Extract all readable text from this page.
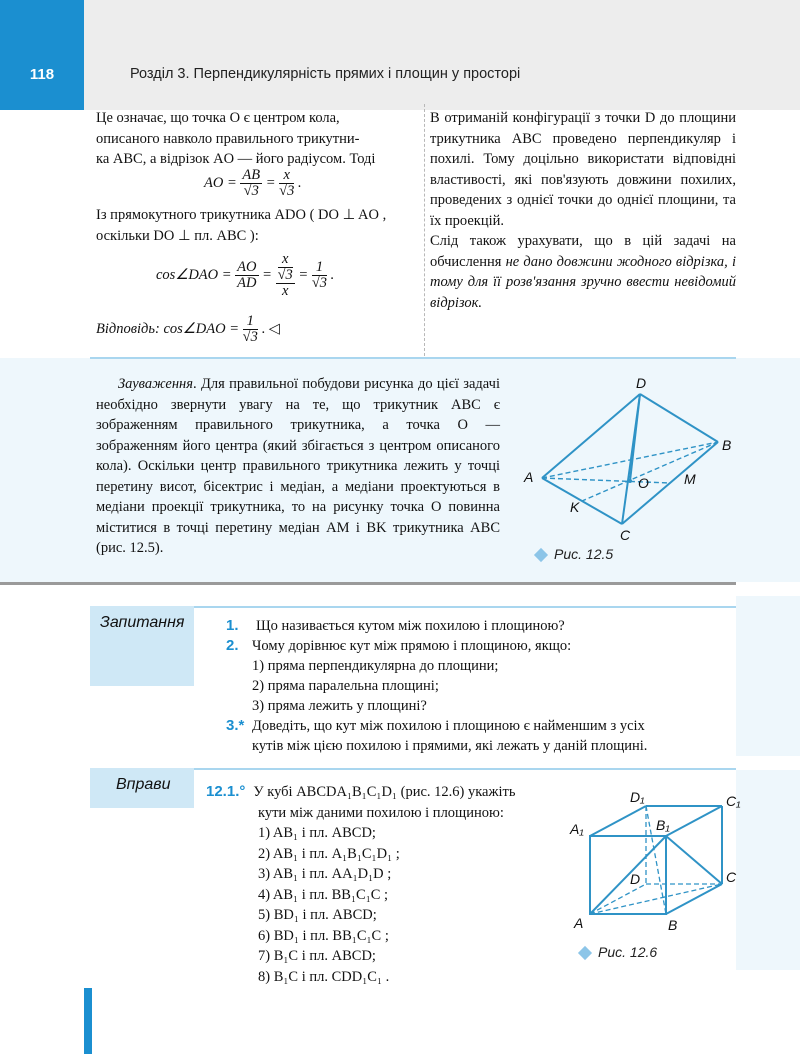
118	Розділ 3. Перпендикулярність прямих і площин у просторі

Це означає, що точка O є центром кола,

описаного навколо правильного трикутни-

ка ABC, а відрізок AO — його радіусом. Тоді

AO = $\frac{AB}{√3} = \frac{x}{√3}$ .

Із прямокутного трикутника ADO ( DO ⊥ AO ,

оскільки DO ⊥ пл. ABC ):

cos∠DAO = $\frac{AO}{AD} = \frac{\frac{x}{√3}}{x} = \frac{1}{√3}$ .
Відповідь: cos∠DAO = $\frac{1}{√3}$ . ◁

В отриманій конфігурації з точки D до площини трикутника ABC проведено перпендикуляр і похилі. Тому доцільно використати відповідні властивості, які пов'язують довжини похилих, проведених з однієї точки до однієї площини, та їх проекцій.

Слід також урахувати, що в цій задачі на обчислення не дано довжини жодного відрізка, і тому для її розв'язання зручно ввести невідомий відрізок.

Зауваження. Для правильної побудови рисунка до цієї задачі необхідно звернути увагу на те, що трикутник ABC є зображенням правильного трикутника, а точка O — зображенням його центра (який збігається з центром описаного кола). Оскільки центр правильного трикутника лежить у точці перетину висот, бісектрис і медіан, а медіани проектуються в медіани проекції трикутника, то на рисунку точка O повинна міститися в точці перетину медіан AM і BK трикутника ABC (рис. 12.5).

D
A
B
C
O	M
K
Рис. 12.5
Запитання	1.	Що називається кутом між похилою і площиною?
2. Чому дорівнює кут між прямою і площиною, якщо:
1) пряма перпендикулярна до площини;
2) пряма паралельна площині;
3) пряма лежить у площині?
3.* Доведіть, що кут між похилою і площиною є найменшим з усіх
кутів між цією похилою і прямими, які лежать у даній площині.
Вправи 12.1.° У кубі ABCDA₁B₁C₁D₁ (рис. 12.6) укажіть
кути між даними похилою і площиною:
1) AB₁ і пл. ABCD;
2) AB₁ і пл. A₁B₁C₁D₁ ;
3) AB₁ і пл. AA₁D₁D ;
4) AB₁ і пл. BB₁C₁C ;
5) BD₁ і пл. ABCD;
6) BD₁ і пл. BB₁C₁C ;
7) B₁C і пл. ABCD;
8) B₁C і пл. CDD₁C₁ .
D₁	C₁
A₁	B₁
D	C
A	B
Рис. 12.6
